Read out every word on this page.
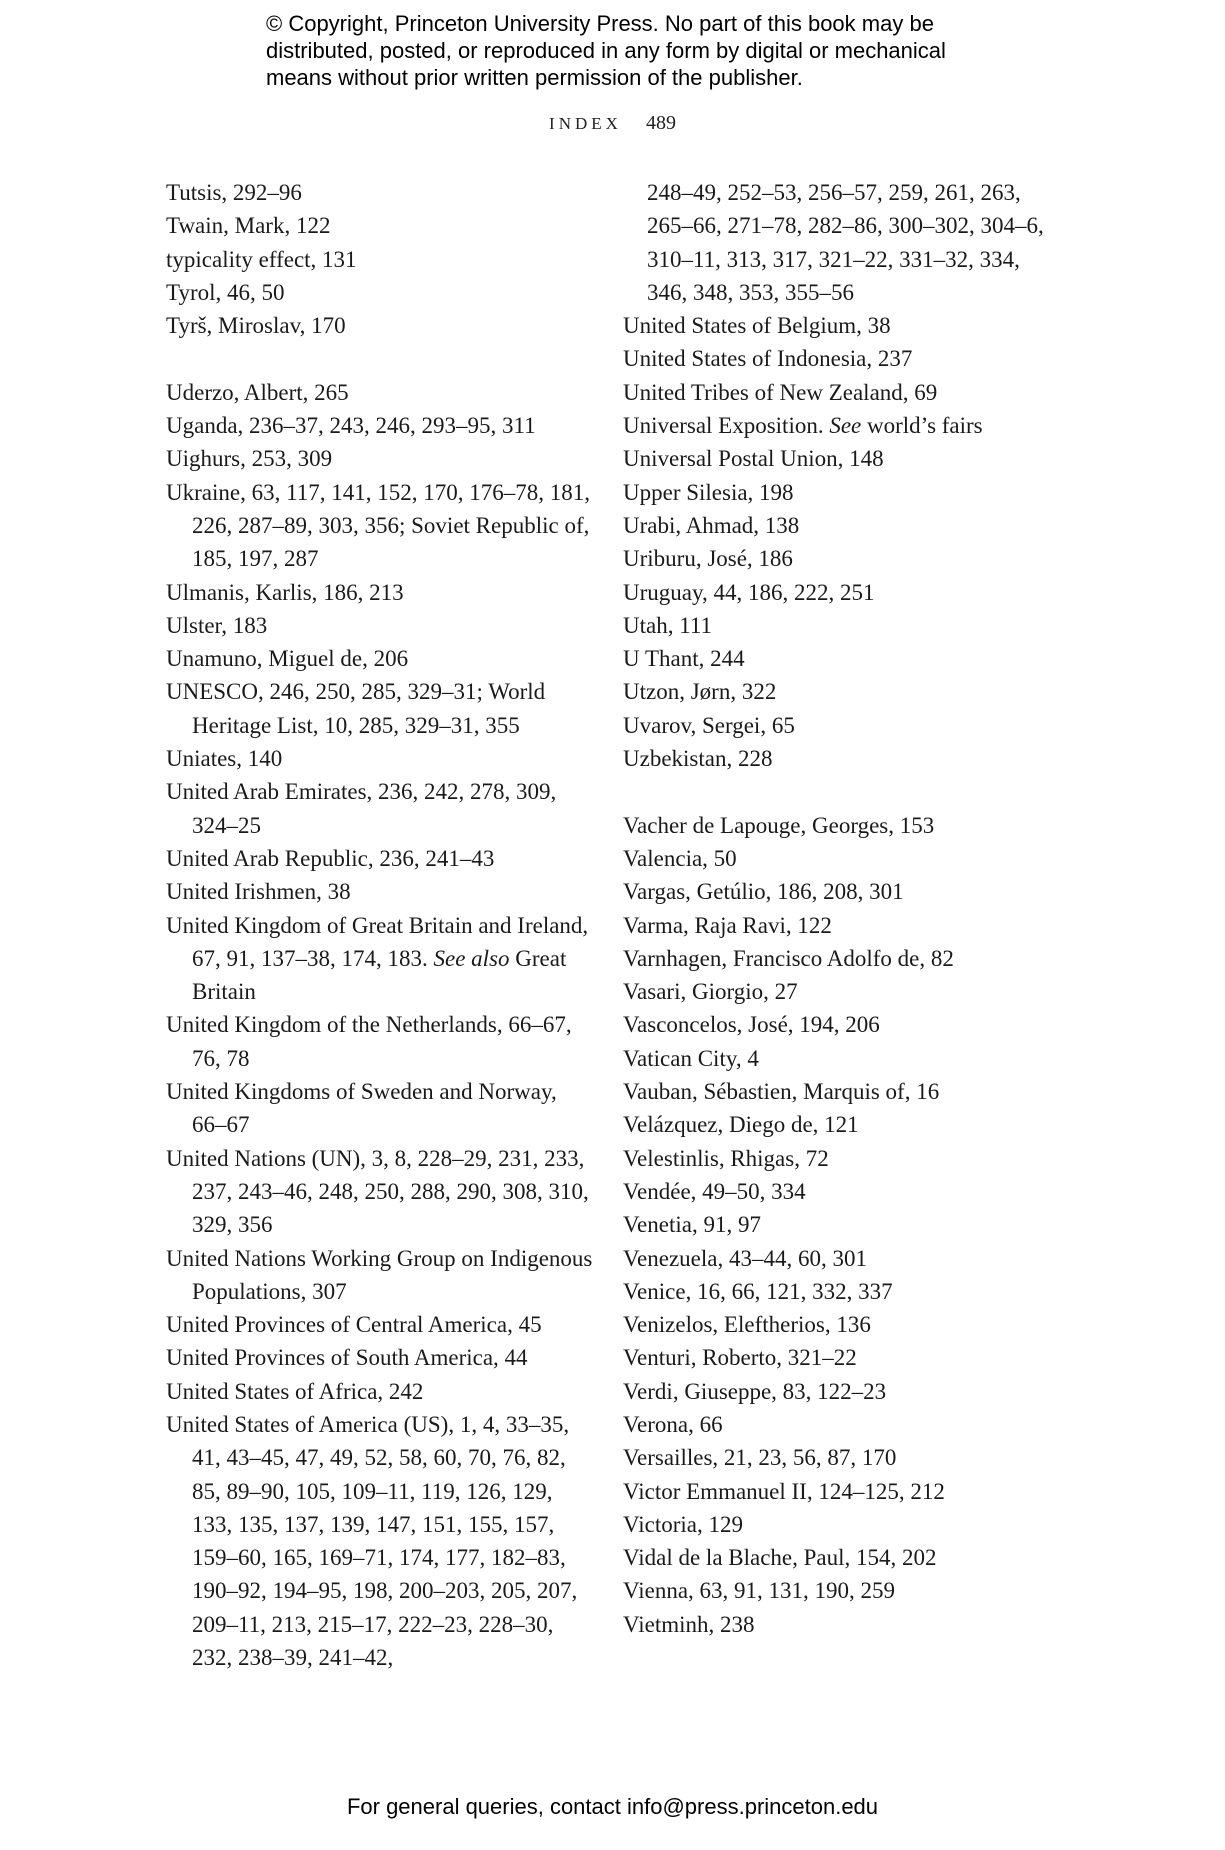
© Copyright, Princeton University Press. No part of this book may be
distributed, posted, or reproduced in any form by digital or mechanical
means without prior written permission of the publisher.
INDEX 489

Tutsis, 292–96

Twain, Mark, 122

typicality effect, 131

Tyrol, 46, 50

Tyrš, Miroslav, 170

Uderzo, Albert, 265

Uganda, 236–37, 243, 246, 293–95, 311

Uighurs, 253, 309

Ukraine, 63, 117, 141, 152, 170, 176–78, 181, 226, 287–89, 303, 356; Soviet Republic of, 185, 197, 287

Ulmanis, Karlis, 186, 213

Ulster, 183

Unamuno, Miguel de, 206

UNESCO, 246, 250, 285, 329–31; World Heritage List, 10, 285, 329–31, 355

Uniates, 140

United Arab Emirates, 236, 242, 278, 309, 324–25

United Arab Republic, 236, 241–43

United Irishmen, 38

United Kingdom of Great Britain and Ireland, 67, 91, 137–38, 174, 183. See also Great Britain

United Kingdom of the Netherlands, 66–67, 76, 78

United Kingdoms of Sweden and Norway, 66–67

United Nations (UN), 3, 8, 228–29, 231, 233, 237, 243–46, 248, 250, 288, 290, 308, 310, 329, 356

United Nations Working Group on Indigenous Populations, 307

United Provinces of Central America, 45

United Provinces of South America, 44

United States of Africa, 242

United States of America (US), 1, 4, 33–35, 41, 43–45, 47, 49, 52, 58, 60, 70, 76, 82, 85, 89–90, 105, 109–11, 119, 126, 129, 133, 135, 137, 139, 147, 151, 155, 157, 159–60, 165, 169–71, 174, 177, 182–83, 190–92, 194–95, 198, 200–203, 205, 207, 209–11, 213, 215–17, 222–23, 228–30, 232, 238–39, 241–42,

248–49, 252–53, 256–57, 259, 261, 263, 265–66, 271–78, 282–86, 300–302, 304–6, 310–11, 313, 317, 321–22, 331–32, 334, 346, 348, 353, 355–56

United States of Belgium, 38

United States of Indonesia, 237

United Tribes of New Zealand, 69

Universal Exposition. See world’s fairs

Universal Postal Union, 148

Upper Silesia, 198

Urabi, Ahmad, 138

Uriburu, José, 186

Uruguay, 44, 186, 222, 251

Utah, 111

U Thant, 244

Utzon, Jørn, 322

Uvarov, Sergei, 65

Uzbekistan, 228

Vacher de Lapouge, Georges, 153

Valencia, 50

Vargas, Getúlio, 186, 208, 301

Varma, Raja Ravi, 122

Varnhagen, Francisco Adolfo de, 82

Vasari, Giorgio, 27

Vasconcelos, José, 194, 206

Vatican City, 4

Vauban, Sébastien, Marquis of, 16

Velázquez, Diego de, 121

Velestinlis, Rhigas, 72

Vendée, 49–50, 334

Venetia, 91, 97

Venezuela, 43–44, 60, 301

Venice, 16, 66, 121, 332, 337

Venizelos, Eleftherios, 136

Venturi, Roberto, 321–22

Verdi, Giuseppe, 83, 122–23

Verona, 66

Versailles, 21, 23, 56, 87, 170

Victor Emmanuel II, 124–125, 212

Victoria, 129

Vidal de la Blache, Paul, 154, 202

Vienna, 63, 91, 131, 190, 259

Vietminh, 238

For general queries, contact info@press.princeton.edu
